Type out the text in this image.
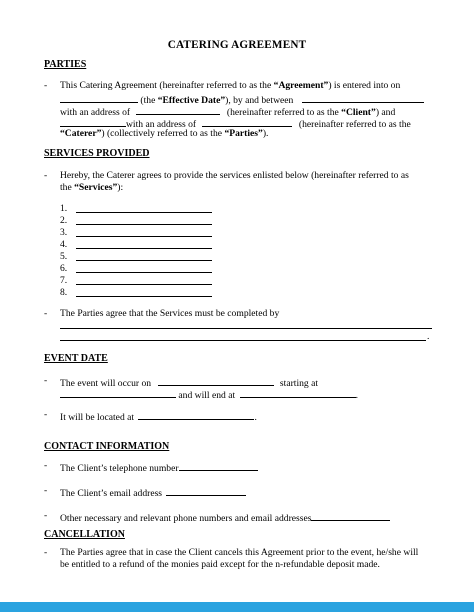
CATERING AGREEMENT
PARTIES
- This Catering Agreement (hereinafter referred to as the “Agreement”) is entered into on
(the “Effective Date”), by and between
with an address of	(hereinafter referred to as the “Client”) and
with an address of	(hereinafter referred to as the
“Caterer”) (collectively referred to as the “Parties”).
SERVICES PROVIDED
- Hereby, the Caterer agrees to provide the services enlisted below (hereinafter referred to as
the “Services”):
1.
2.
3.
4.
5.
6.
7.
8.
- The Parties agree that the Services must be completed by
.
EVENT DATE
- The event will occur on	starting at
and will end at	.
- It will be located at	.
CONTACT INFORMATION
- The Client’s telephone number
- The Client’s email address
- Other necessary and relevant phone numbers and email addresses
CANCELLATION
- The Parties agree that in case the Client cancels this Agreement prior to the event, he/she will
be entitled to a refund of the monies paid except for the n-refundable deposit made.
